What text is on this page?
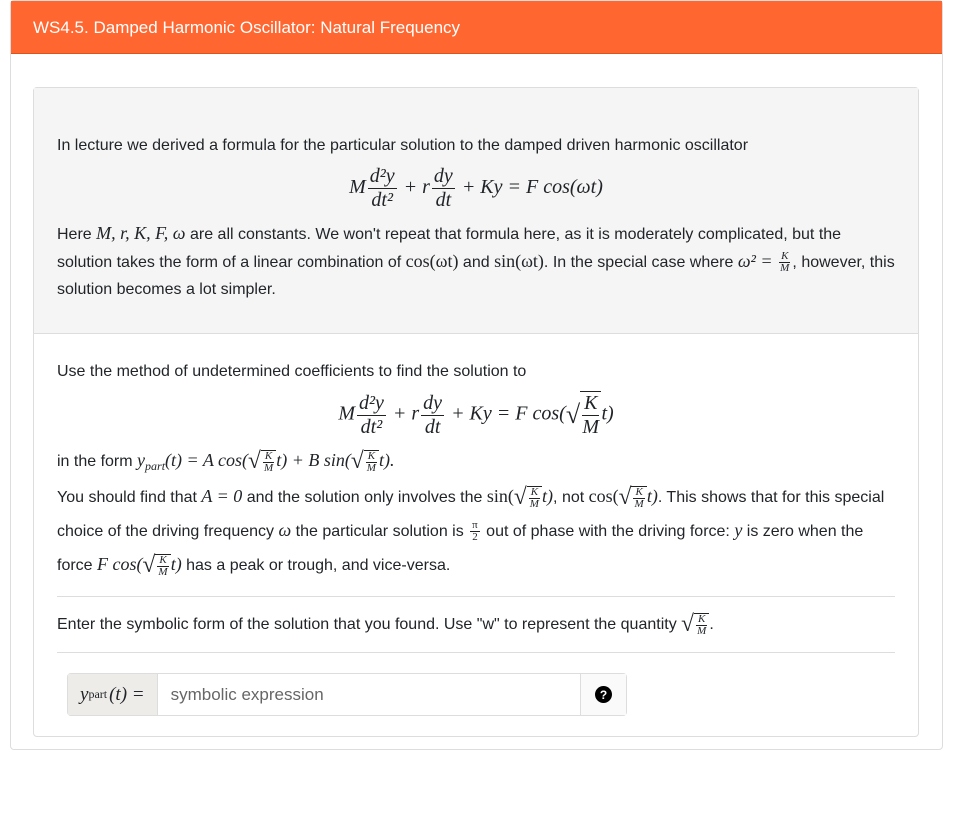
WS4.5. Damped Harmonic Oscillator: Natural Frequency

In lecture we derived a formula for the particular solution to the damped driven harmonic oscillator

M $\frac{\text{d²y}}{\text{dt²}} + r \frac{dy}{dt} + Ky = F$ cos(ωt)

Here M, r, K, F, ω are all constants. We won't repeat that formula here, as it is moderately complicated, but the solution takes the form of a linear combination of cos(ωt) and sin(ωt). In the special case where $\omega^2 = \frac{K}{M}$ , however, this solution becomes a lot simpler.

Use the method of undetermined coefficients to find the solution to

M $\frac{\text{d²y}}{\text{dt²}} + r \frac{dy}{dt} + Ky = F$ cos( √ $\frac{K}{M} t$)

in the form $y_{part}(t) = A$ cos( √ $\frac{K}{M} t) + B$ sin( √ $\frac{K}{M} t$).

You should find that A = 0 and the solution only involves the sin( √ $\frac{K}{M} t$), not cos( √ $\frac{K}{M} t$). This shows that for this special choice of the driving frequency ω the particular solution is $\frac{\pi}{2}$ out of phase with the driving force: y is zero when the force F cos( √ $\frac{K}{M} t$) has a peak or trough, and vice-versa.

Enter the symbolic form of the solution that you found. Use "w" to represent the quantity √ $\frac{K}{M}$ .

y part (t) =	symbolic expression	?
